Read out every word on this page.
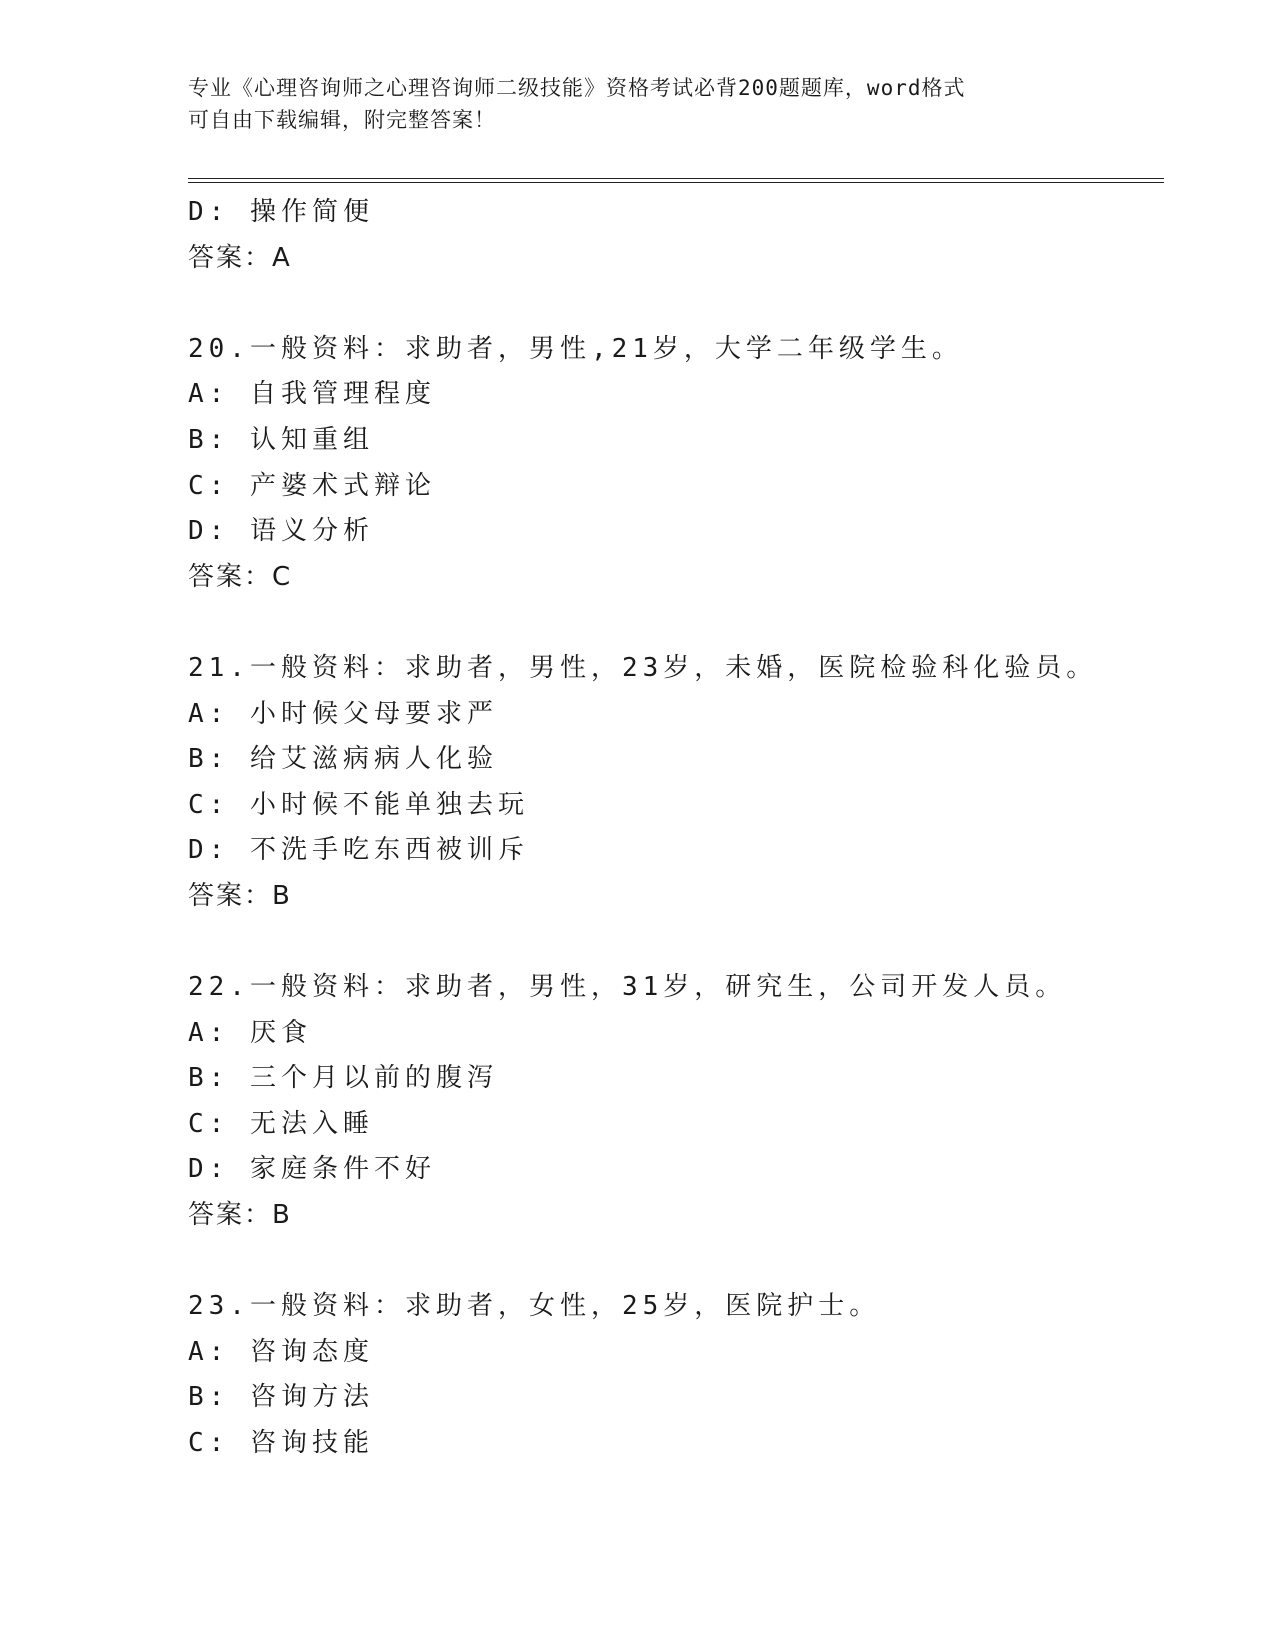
专业《心理咨询师之心理咨询师二级技能》资格考试必背200题题库，word格式
可自由下载编辑，附完整答案！
D: 操作简便
答案：A
20.一般资料：求助者，男性,21岁，大学二年级学生。
A: 自我管理程度
B: 认知重组
C: 产婆术式辩论
D: 语义分析
答案：C
21.一般资料：求助者，男性，23岁，未婚，医院检验科化验员。
A: 小时候父母要求严
B: 给艾滋病病人化验
C: 小时候不能单独去玩
D: 不洗手吃东西被训斥
答案：B
22.一般资料：求助者，男性，31岁，研究生，公司开发人员。
A: 厌食
B: 三个月以前的腹泻
C: 无法入睡
D: 家庭条件不好
答案：B
23.一般资料：求助者，女性，25岁，医院护士。
A: 咨询态度
B: 咨询方法
C: 咨询技能
